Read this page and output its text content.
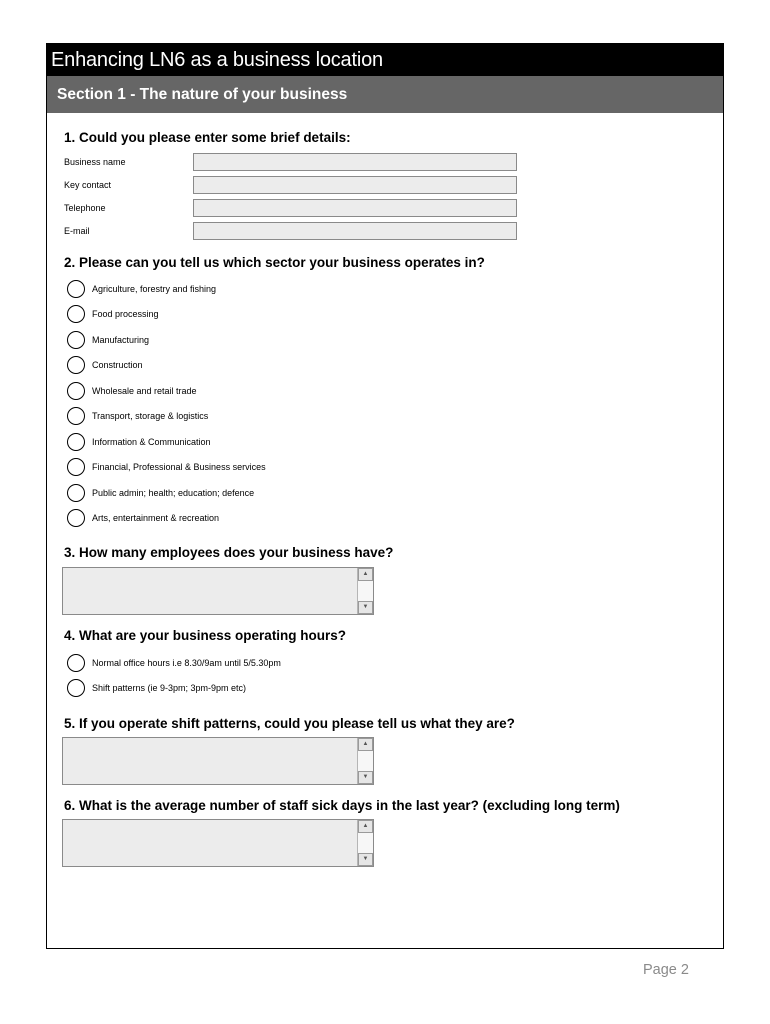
Enhancing LN6 as a business location
Section 1 - The nature of your business
1. Could you please enter some brief details:
Business name
Key contact
Telephone
E-mail
2. Please can you tell us which sector your business operates in?
Agriculture, forestry and fishing
Food processing
Manufacturing
Construction
Wholesale and retail trade
Transport, storage & logistics
Information & Communication
Financial, Professional & Business services
Public admin; health; education; defence
Arts, entertainment & recreation
3. How many employees does your business have?
▲
▼
4. What are your business operating hours?
Normal office hours i.e 8.30/9am until 5/5.30pm
Shift patterns (ie 9-3pm; 3pm-9pm etc)
5. If you operate shift patterns, could you please tell us what they are?
▲
▼
6. What is the average number of staff sick days in the last year? (excluding long term)
▲
▼
Page 2
